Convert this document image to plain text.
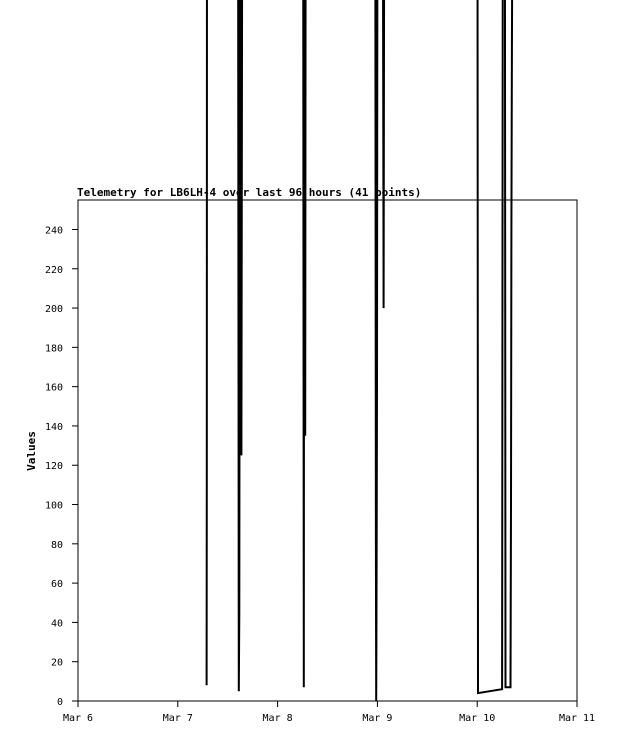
0
20
40
60
80
100
120
140
160
180
200
220
240
Mar 6	Mar 7	Mar 8	Mar 9	Mar 10	Mar 11
Telemetry for LB6LH-4 over last 96 hours (41 points)
Values
